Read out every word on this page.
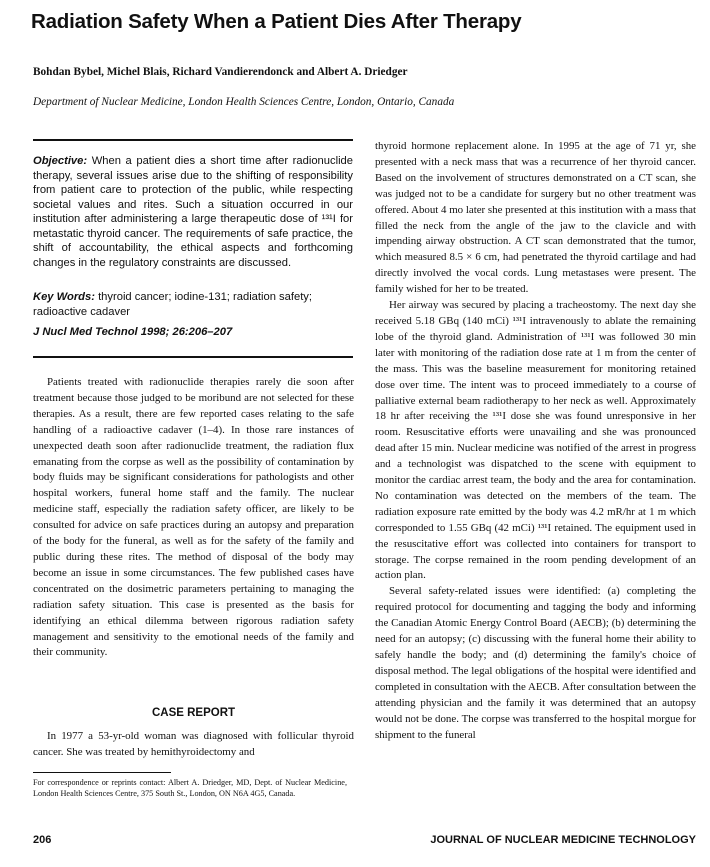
Radiation Safety When a Patient Dies After Therapy
Bohdan Bybel, Michel Blais, Richard Vandierendonck and Albert A. Driedger
Department of Nuclear Medicine, London Health Sciences Centre, London, Ontario, Canada
Objective: When a patient dies a short time after radionuclide therapy, several issues arise due to the shifting of responsibility from patient care to protection of the public, while respecting societal values and rites. Such a situation occurred in our institution after administering a large therapeutic dose of ¹³¹I for metastatic thyroid cancer. The requirements of safe practice, the shift of accountability, the ethical aspects and forthcoming changes in the regulatory constraints are discussed.
Key Words: thyroid cancer; iodine-131; radiation safety; radioactive cadaver
J Nucl Med Technol 1998; 26:206–207

Patients treated with radionuclide therapies rarely die soon after treatment because those judged to be moribund are not selected for these therapies. As a result, there are few reported cases relating to the safe handling of a radioactive cadaver (1–4). In those rare instances of unexpected death soon after radionuclide treatment, the radiation flux emanating from the corpse as well as the possibility of contamination by body fluids may be significant considerations for pathologists and other hospital workers, funeral home staff and the family. The nuclear medicine staff, especially the radiation safety officer, are likely to be consulted for advice on safe practices during an autopsy and preparation of the body for the funeral, as well as for the safety of the family and public during these rites. The method of disposal of the body may become an issue in some circumstances. The few published cases have concentrated on the dosimetric parameters pertaining to managing the radiation safety situation. This case is presented as the basis for identifying an ethical dilemma between rigorous radiation safety management and sensitivity to the emotional needs of the family and their community.

CASE REPORT

In 1977 a 53-yr-old woman was diagnosed with follicular thyroid cancer. She was treated by hemithyroidectomy and

For correspondence or reprints contact: Albert A. Driedger, MD, Dept. of Nuclear Medicine, London Health Sciences Centre, 375 South St., London, ON N6A 4G5, Canada.

thyroid hormone replacement alone. In 1995 at the age of 71 yr, she presented with a neck mass that was a recurrence of her thyroid cancer. Based on the involvement of structures demonstrated on a CT scan, she was judged not to be a candidate for surgery but no other treatment was offered. About 4 mo later she presented at this institution with a mass that filled the neck from the angle of the jaw to the clavicle and with impending airway obstruction. A CT scan demonstrated that the tumor, which measured 8.5 × 6 cm, had penetrated the thyroid cartilage and had directly involved the vocal cords. Lung metastases were present. The family wished for her to be treated.

Her airway was secured by placing a tracheostomy. The next day she received 5.18 GBq (140 mCi) ¹³¹I intravenously to ablate the remaining lobe of the thyroid gland. Administration of ¹³¹I was followed 30 min later with monitoring of the radiation dose rate at 1 m from the center of the mass. This was the baseline measurement for monitoring retained dose over time. The intent was to proceed immediately to a course of palliative external beam radiotherapy to her neck as well. Approximately 18 hr after receiving the ¹³¹I dose she was found unresponsive in her room. Resuscitative efforts were unavailing and she was pronounced dead after 15 min. Nuclear medicine was notified of the arrest in progress and a technologist was dispatched to the scene with equipment to monitor the cardiac arrest team, the body and the area for contamination. No contamination was detected on the members of the team. The radiation exposure rate emitted by the body was 4.2 mR/hr at 1 m which corresponded to 1.55 GBq (42 mCi) ¹³¹I retained. The equipment used in the resuscitative effort was collected into containers for transport to storage. The corpse remained in the room pending development of an action plan.

Several safety-related issues were identified: (a) completing the required protocol for documenting and tagging the body and informing the Canadian Atomic Energy Control Board (AECB); (b) determining the need for an autopsy; (c) discussing with the funeral home their ability to safely handle the body; and (d) determining the family's choice of disposal method. The legal obligations of the hospital were identified and completed in consultation with the AECB. After consultation between the attending physician and the family it was determined that an autopsy would not be done. The corpse was transferred to the hospital morgue for shipment to the funeral

206	JOURNAL OF NUCLEAR MEDICINE TECHNOLOGY
